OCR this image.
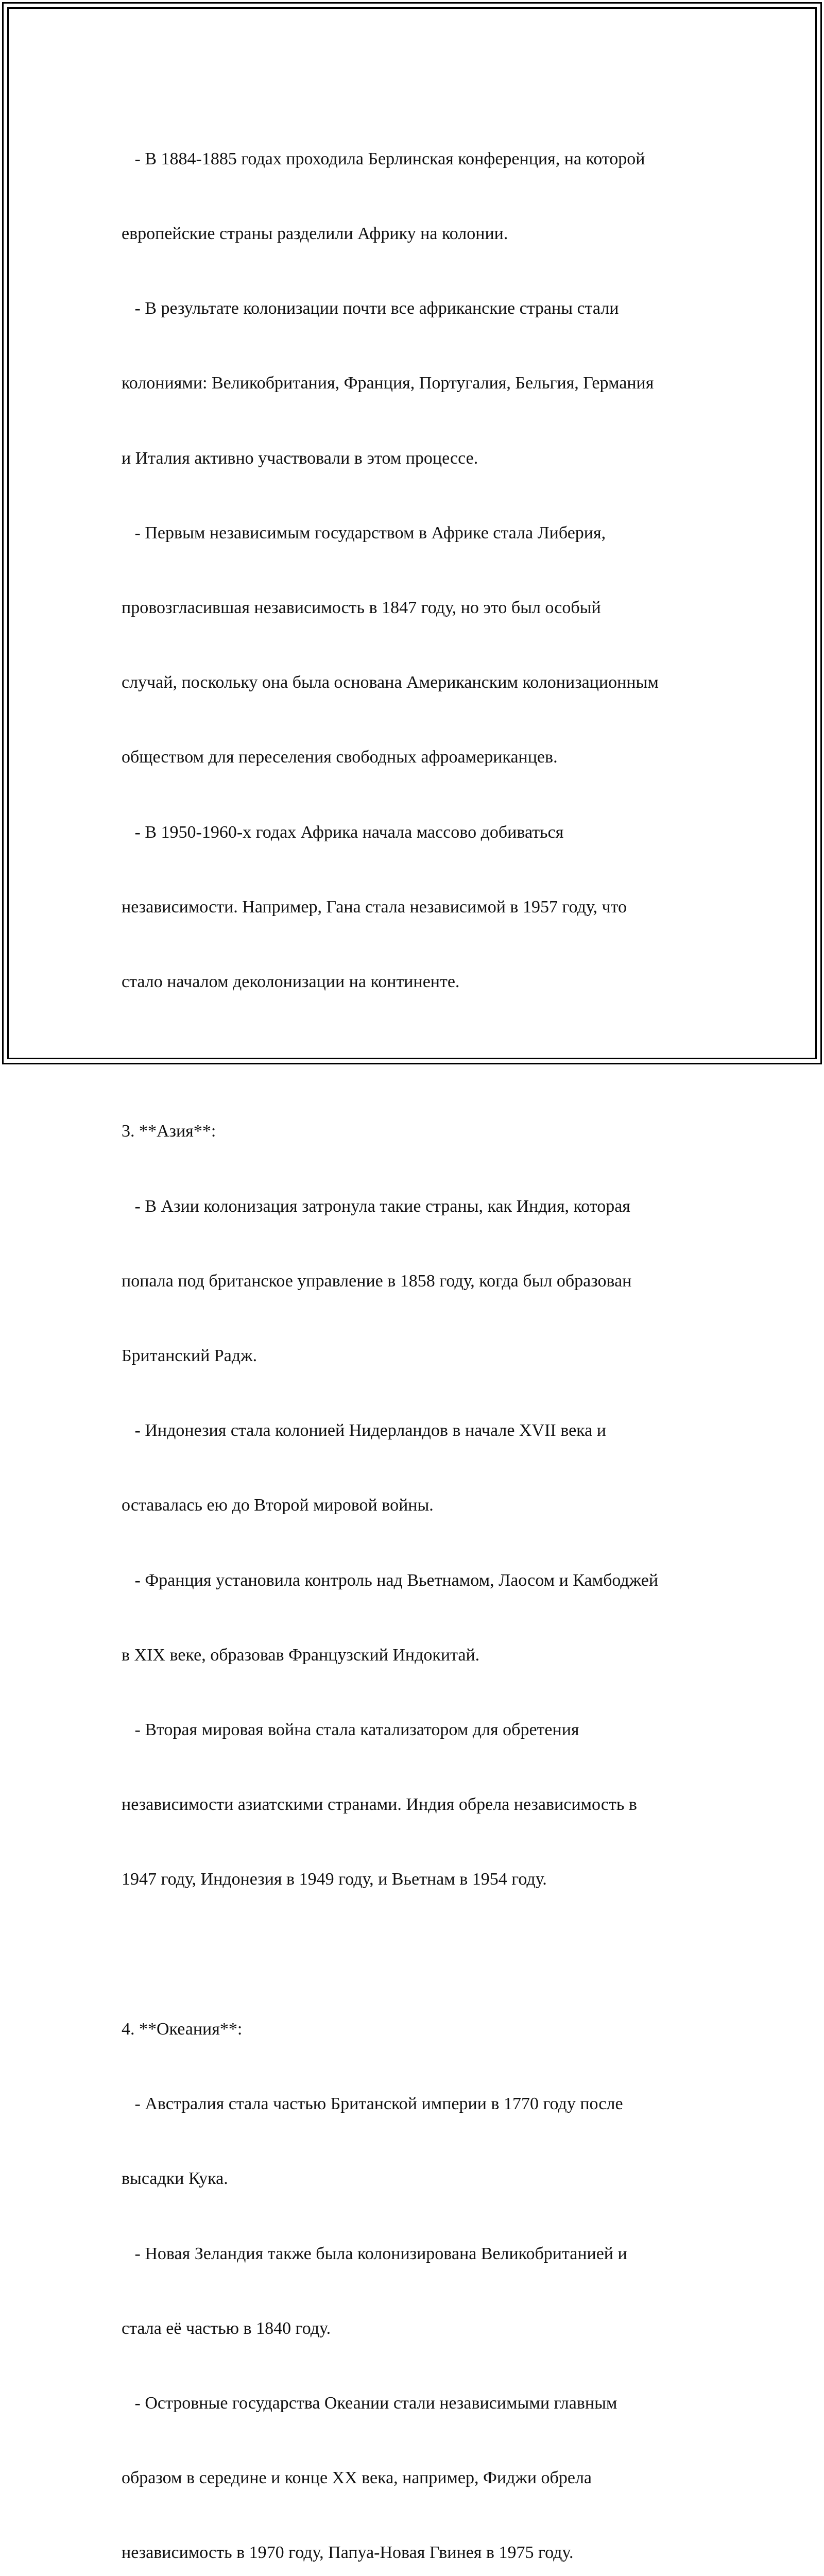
- В 1884-1885 годах проходила Берлинская конференция, на которой

европейские страны разделили Африку на колонии.

- В результате колонизации почти все африканские страны стали

колониями: Великобритания, Франция, Португалия, Бельгия, Германия

и Италия активно участвовали в этом процессе.

- Первым независимым государством в Африке стала Либерия,

провозгласившая независимость в 1847 году, но это был особый

случай, поскольку она была основана Американским колонизационным

обществом для переселения свободных афроамериканцев.

- В 1950-1960-х годах Африка начала массово добиваться

независимости. Например, Гана стала независимой в 1957 году, что

стало началом деколонизации на континенте.

3. **Азия**:

- В Азии колонизация затронула такие страны, как Индия, которая

попала под британское управление в 1858 году, когда был образован

Британский Радж.

- Индонезия стала колонией Нидерландов в начале XVII века и

оставалась ею до Второй мировой войны.

- Франция установила контроль над Вьетнамом, Лаосом и Камбоджей

в XIX веке, образовав Французский Индокитай.

- Вторая мировая война стала катализатором для обретения

независимости азиатскими странами. Индия обрела независимость в

1947 году, Индонезия в 1949 году, и Вьетнам в 1954 году.

4. **Океания**:

- Австралия стала частью Британской империи в 1770 году после

высадки Кука.

- Новая Зеландия также была колонизирована Великобританией и

стала её частью в 1840 году.

- Островные государства Океании стали независимыми главным

образом в середине и конце XX века, например, Фиджи обрела

независимость в 1970 году, Папуа-Новая Гвинея в 1975 году.
